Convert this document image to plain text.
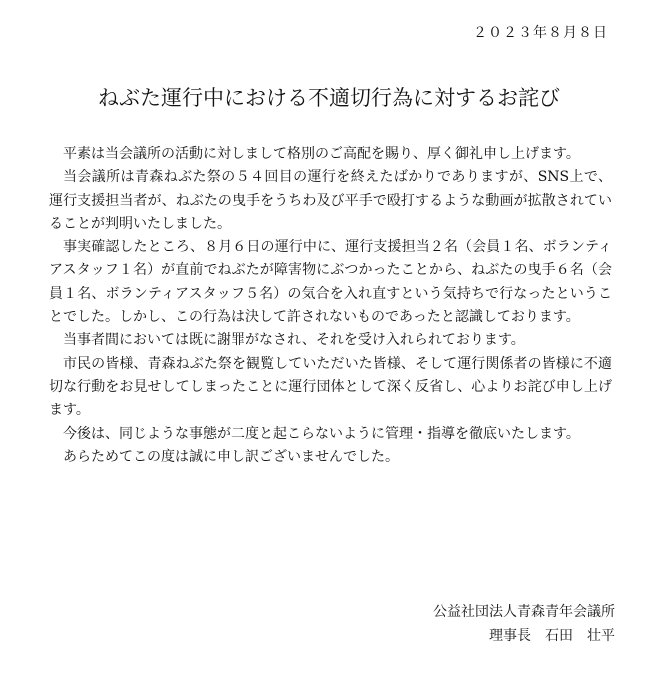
２０２３年８月８日
ねぶた運行中における不適切行為に対するお詫び

平素は当会議所の活動に対しまして格別のご高配を賜り、厚く御礼申し上げます。

当会議所は青森ねぶた祭の５４回目の運行を終えたばかりでありますが、SNS上で、運行支援担当者が、ねぶたの曳手をうちわ及び平手で殴打するような動画が拡散されていることが判明いたしました。

事実確認したところ、８月６日の運行中に、運行支援担当２名（会員１名、ボランティアスタッフ１名）が直前でねぶたが障害物にぶつかったことから、ねぶたの曳手６名（会員１名、ボランティアスタッフ５名）の気合を入れ直すという気持ちで行なったということでした。しかし、この行為は決して許されないものであったと認識しております。

当事者間においては既に謝罪がなされ、それを受け入れられております。

市民の皆様、青森ねぶた祭を観覧していただいた皆様、そして運行関係者の皆様に不適切な行動をお見せしてしまったことに運行団体として深く反省し、心よりお詫び申し上げます。

今後は、同じような事態が二度と起こらないように管理・指導を徹底いたします。

あらためてこの度は誠に申し訳ございませんでした。

公益社団法人青森青年会議所
理事長　石田　壮平
